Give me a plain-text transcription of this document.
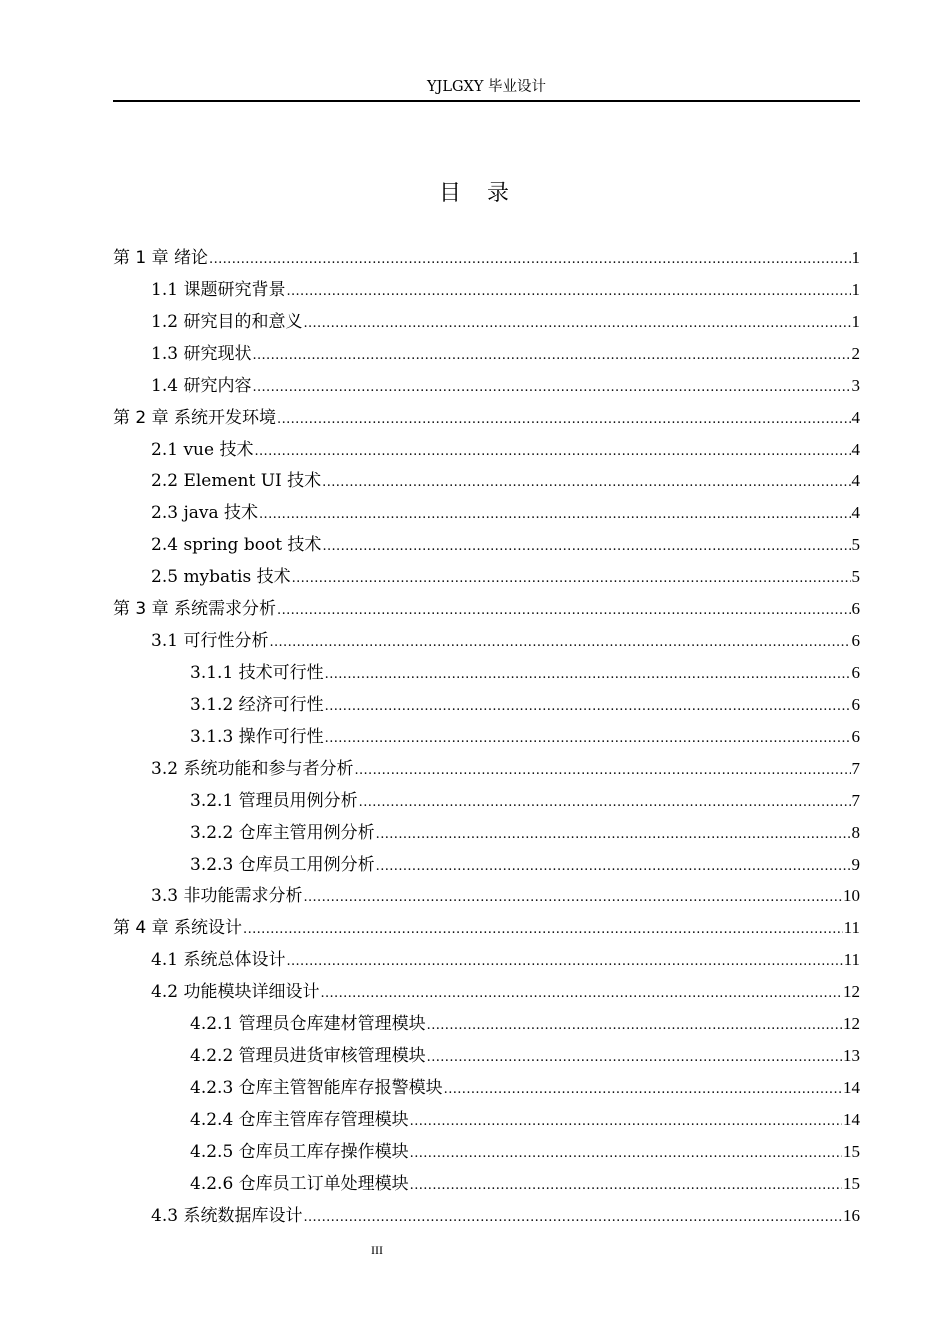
YJLGXY 毕业设计
目录
第 1 章 绪论 .....	1
1.1 课题研究背景 .....	1
1.2 研究目的和意义 .....	1
1.3 研究现状 .....	2
1.4 研究内容 .....	3
第 2 章 系统开发环境 .....	4
2.1 vue 技术 .....	4
2.2 Element UI 技术 .....	4
2.3 java 技术 .....	4
2.4 spring boot 技术 .....	5
2.5 mybatis 技术 .....	5
第 3 章 系统需求分析 .....	6
3.1 可行性分析 .....	6
3.1.1 技术可行性 .....	6
3.1.2 经济可行性 .....	6
3.1.3 操作可行性 .....	6
3.2 系统功能和参与者分析 .....	7
3.2.1 管理员用例分析 .....	7
3.2.2 仓库主管用例分析 .....	8
3.2.3 仓库员工用例分析 .....	9
3.3 非功能需求分析 .....	10
第 4 章 系统设计 .....	11
4.1 系统总体设计 .....	11
4.2 功能模块详细设计 .....	12
4.2.1 管理员仓库建材管理模块 .....	12
4.2.2 管理员进货审核管理模块 .....	13
4.2.3 仓库主管智能库存报警模块 .....	14
4.2.4 仓库主管库存管理模块 .....	14
4.2.5 仓库员工库存操作模块 .....	15
4.2.6 仓库员工订单处理模块 .....	15
4.3 系统数据库设计 .....	16
III
